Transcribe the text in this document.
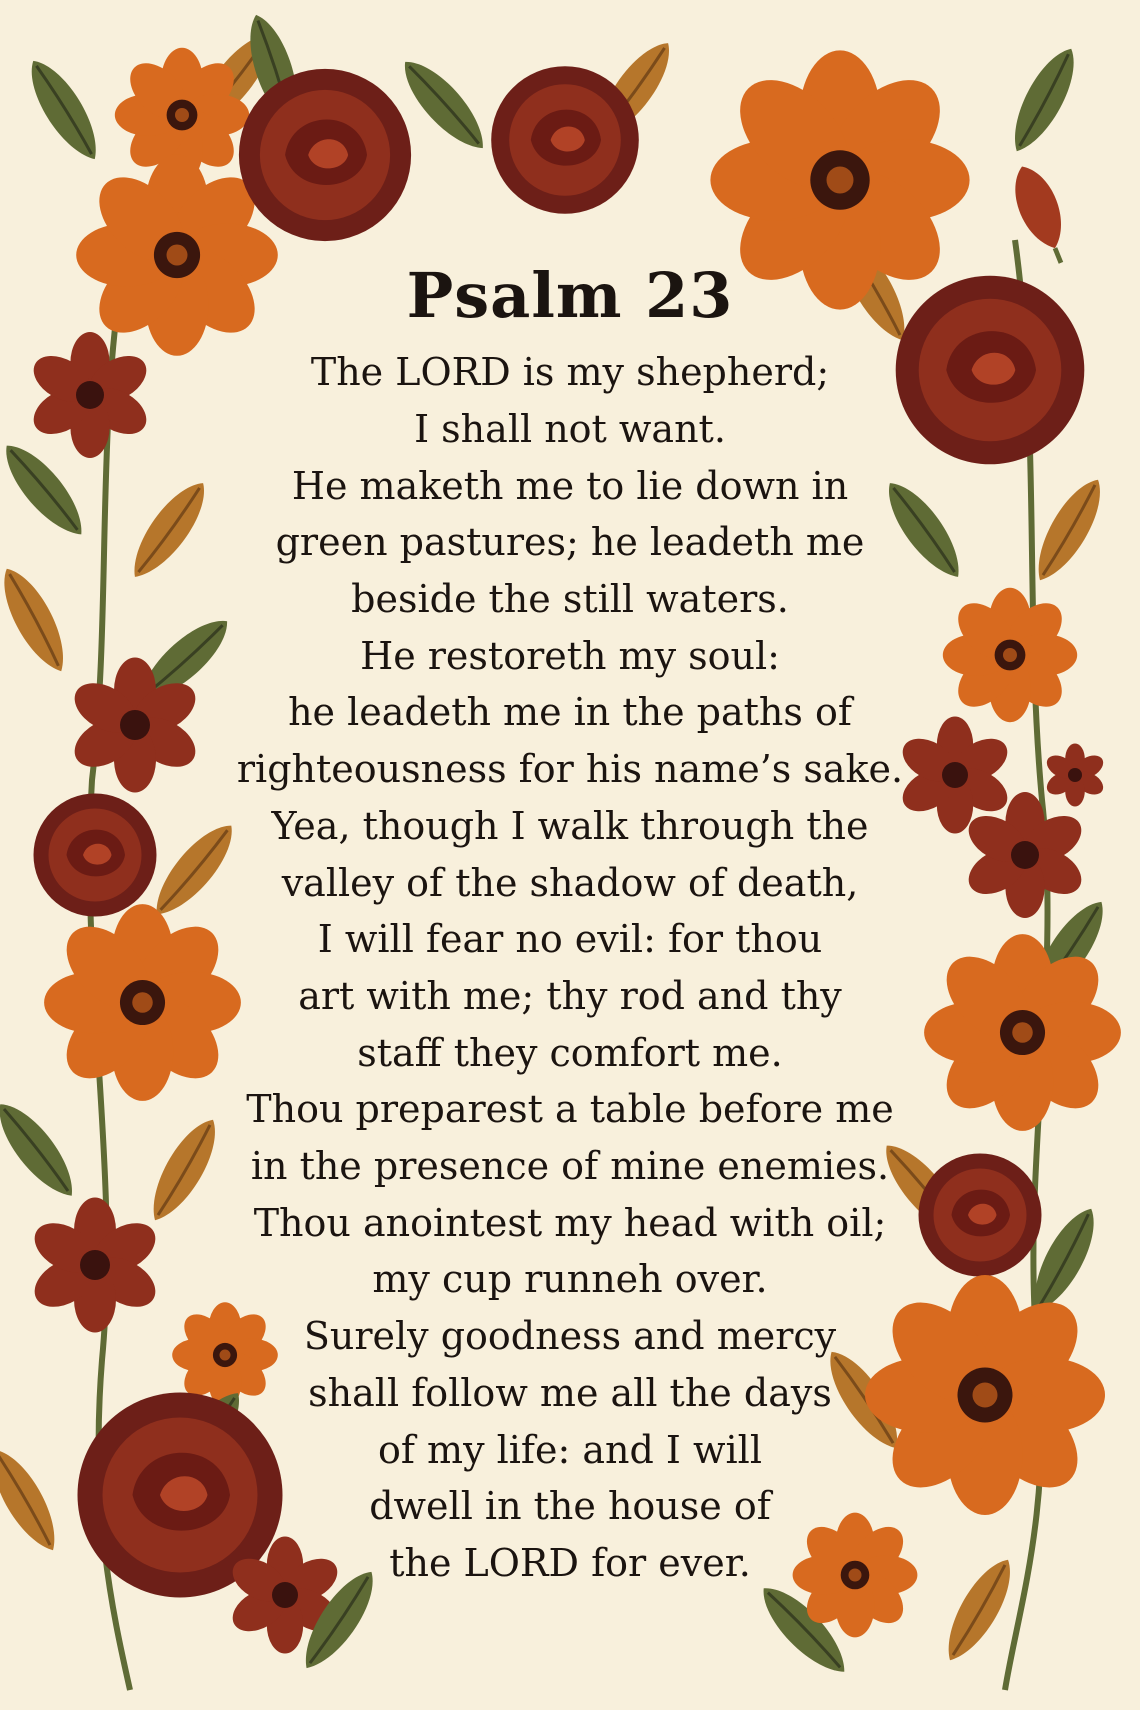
Psalm 23
The LORD is my shepherd;
I shall not want.
He maketh me to lie down in
green pastures; he leadeth me
beside the still waters.
He restoreth my soul:
he leadeth me in the paths of
righteousness for his name’s sake.
Yea, though I walk through the
valley of the shadow of death,
I will fear no evil: for thou
art with me; thy rod and thy
staff they comfort me.
Thou preparest a table before me
in the presence of mine enemies.
Thou anointest my head with oil;
my cup runneh over.
Surely goodness and mercy
shall follow me all the days
of my life: and I will
dwell in the house of
the LORD for ever.
